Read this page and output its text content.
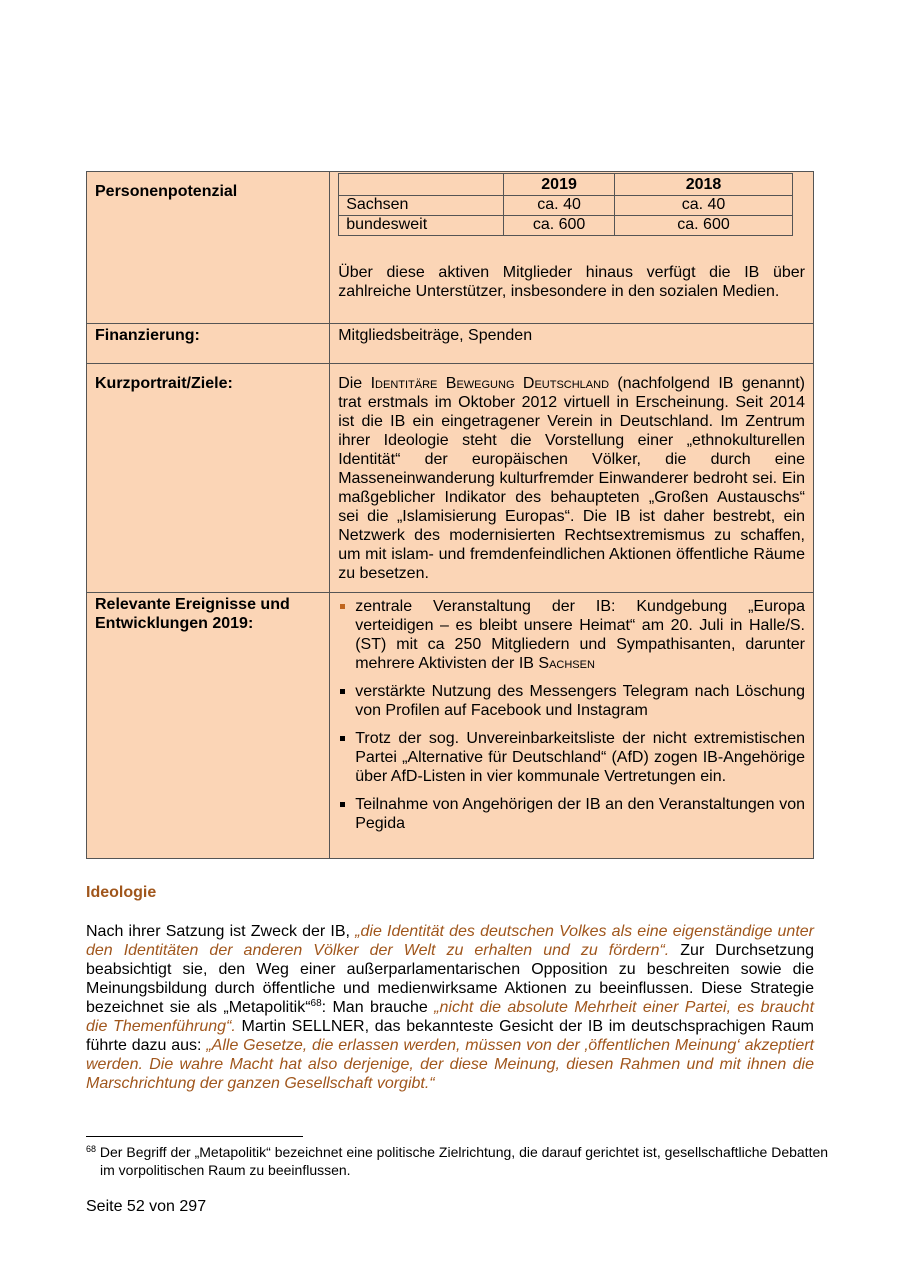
Personenpotenzial	
		2019	2018
Sachsen	ca. 40	ca. 40
bundesweit	ca. 600	ca. 600
Über diese aktiven Mitglieder hinaus verfügt die IB über zahlreiche Unterstützer, insbesondere in den sozialen Medien.

Finanzierung:	Mitgliedsbeiträge, Spenden
Kurzportrait/Ziele:	Die Identitäre Bewegung Deutschland (nachfolgend IB genannt) trat erstmals im Oktober 2012 virtuell in Erscheinung. Seit 2014 ist die IB ein eingetragener Verein in Deutschland. Im Zentrum ihrer Ideologie steht die Vorstellung einer „ethnokulturellen Identität“ der europäischen Völker, die durch eine Masseneinwanderung kulturfremder Einwanderer bedroht sei. Ein maßgeblicher Indikator des behaupteten „Großen Austauschs“ sei die „Islamisierung Europas“. Die IB ist daher bestrebt, ein Netzwerk des modernisierten Rechtsextremismus zu schaffen, um mit islam- und fremdenfeindlichen Aktionen öffentliche Räume zu besetzen.
Relevante Ereignisse und Entwicklungen 2019:	
zentrale Veranstaltung der IB: Kundgebung „Europa verteidigen – es bleibt unsere Heimat“ am 20. Juli in Halle/S. (ST) mit ca 250 Mitgliedern und Sympathisanten, darunter mehrere Aktivisten der IB Sachsen
verstärkte Nutzung des Messengers Telegram nach Löschung von Profilen auf Facebook und Instagram
Trotz der sog. Unvereinbarkeitsliste der nicht extremistischen Partei „Alternative für Deutschland“ (AfD) zogen IB-Angehörige über AfD-Listen in vier kommunale Vertretungen ein.
Teilnahme von Angehörigen der IB an den Veranstaltungen von Pegida
Ideologie
Nach ihrer Satzung ist Zweck der IB, „die Identität des deutschen Volkes als eine eigenständige unter den Identitäten der anderen Völker der Welt zu erhalten und zu fördern“. Zur Durchsetzung beabsichtigt sie, den Weg einer außerparlamentarischen Opposition zu beschreiten sowie die Meinungsbildung durch öffentliche und medienwirksame Aktionen zu beeinflussen. Diese Strategie bezeichnet sie als „Metapolitik“$^{68}$: Man brauche „nicht die absolute Mehrheit einer Partei, es braucht die Themenführung“. Martin SELLNER, das bekannteste Gesicht der IB im deutschsprachigen Raum führte dazu aus: „Alle Gesetze, die erlassen werden, müssen von der ‚öffentlichen Meinung‘ akzeptiert werden. Die wahre Macht hat also derjenige, der diese Meinung, diesen Rahmen und mit ihnen die Marschrichtung der ganzen Gesellschaft vorgibt.“
$^{68}$ Der Begriff der „Metapolitik“ bezeichnet eine politische Zielrichtung, die darauf gerichtet ist, gesellschaftliche Debatten im vorpolitischen Raum zu beeinflussen.
Seite 52 von 297
